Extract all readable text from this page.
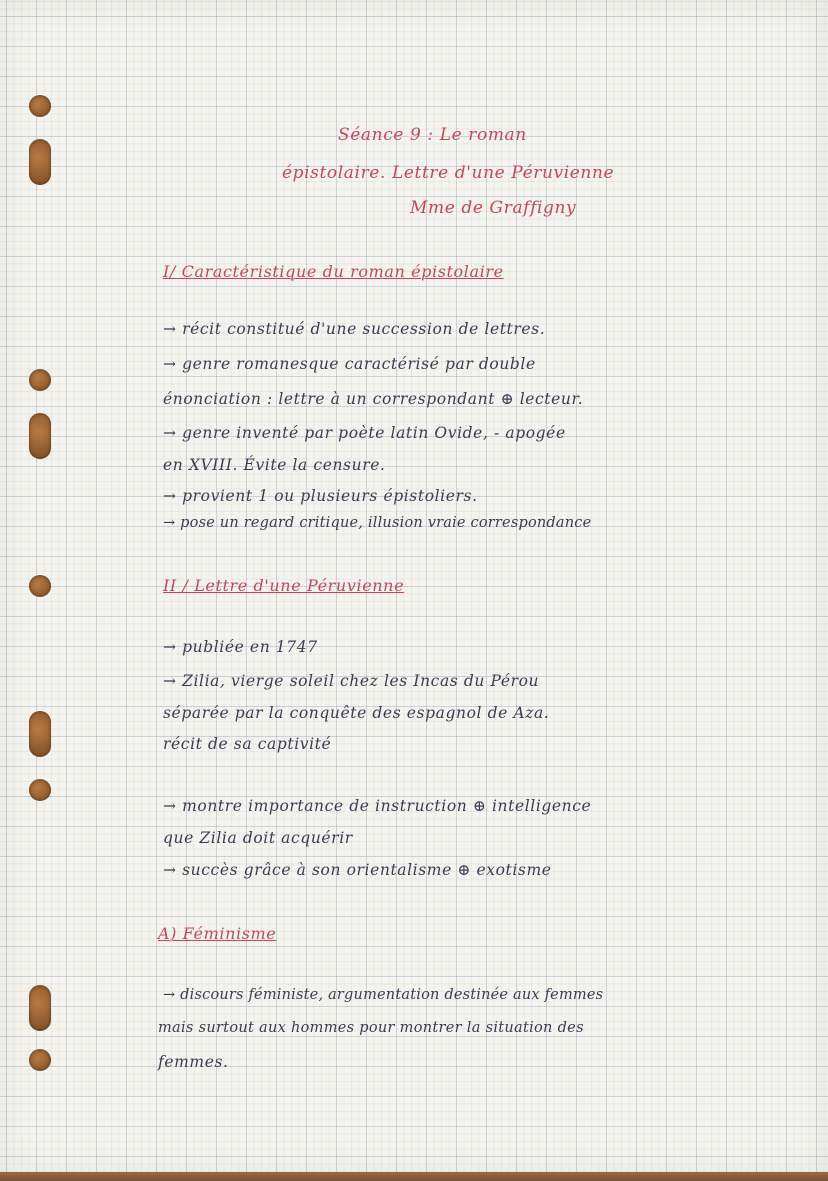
Séance 9 : Le roman
épistolaire. Lettre d'une Péruvienne
Mme de Graffigny
I/ Caractéristique du roman épistolaire
→ récit constitué d'une succession de lettres.
→ genre romanesque caractérisé par double
énonciation : lettre à un correspondant ⊕ lecteur.
→ genre inventé par poète latin Ovide, - apogée
en XVIII. Évite la censure.
→ provient 1 ou plusieurs épistoliers.
→ pose un regard critique, illusion vraie correspondance
II / Lettre d'une Péruvienne
→ publiée en 1747
→ Zilia, vierge soleil chez les Incas du Pérou
séparée par la conquête des espagnol de Aza.
récit de sa captivité
→ montre importance de instruction ⊕ intelligence
que Zilia doit acquérir
→ succès grâce à son orientalisme ⊕ exotisme
A) Féminisme
→ discours féministe, argumentation destinée aux femmes
mais surtout aux hommes pour montrer la situation des
femmes.
